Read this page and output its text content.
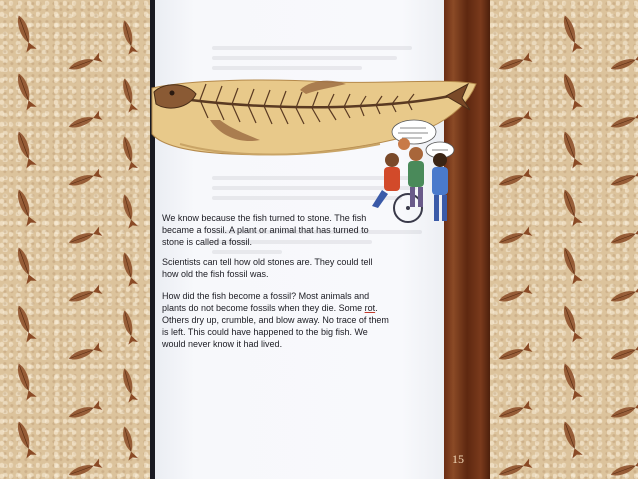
We know because the fish turned to stone. The fish became a fossil. A plant or animal that has turned to stone is called a fossil.

Scientists can tell how old stones are. They could tell how old the fish fossil was.

How did the fish become a fossil? Most animals and plants do not become fossils when they die. Some rot. Others dry up, crumble, and blow away. No trace of them is left. This could have happened to the big fish. We would never know it had lived.

15
